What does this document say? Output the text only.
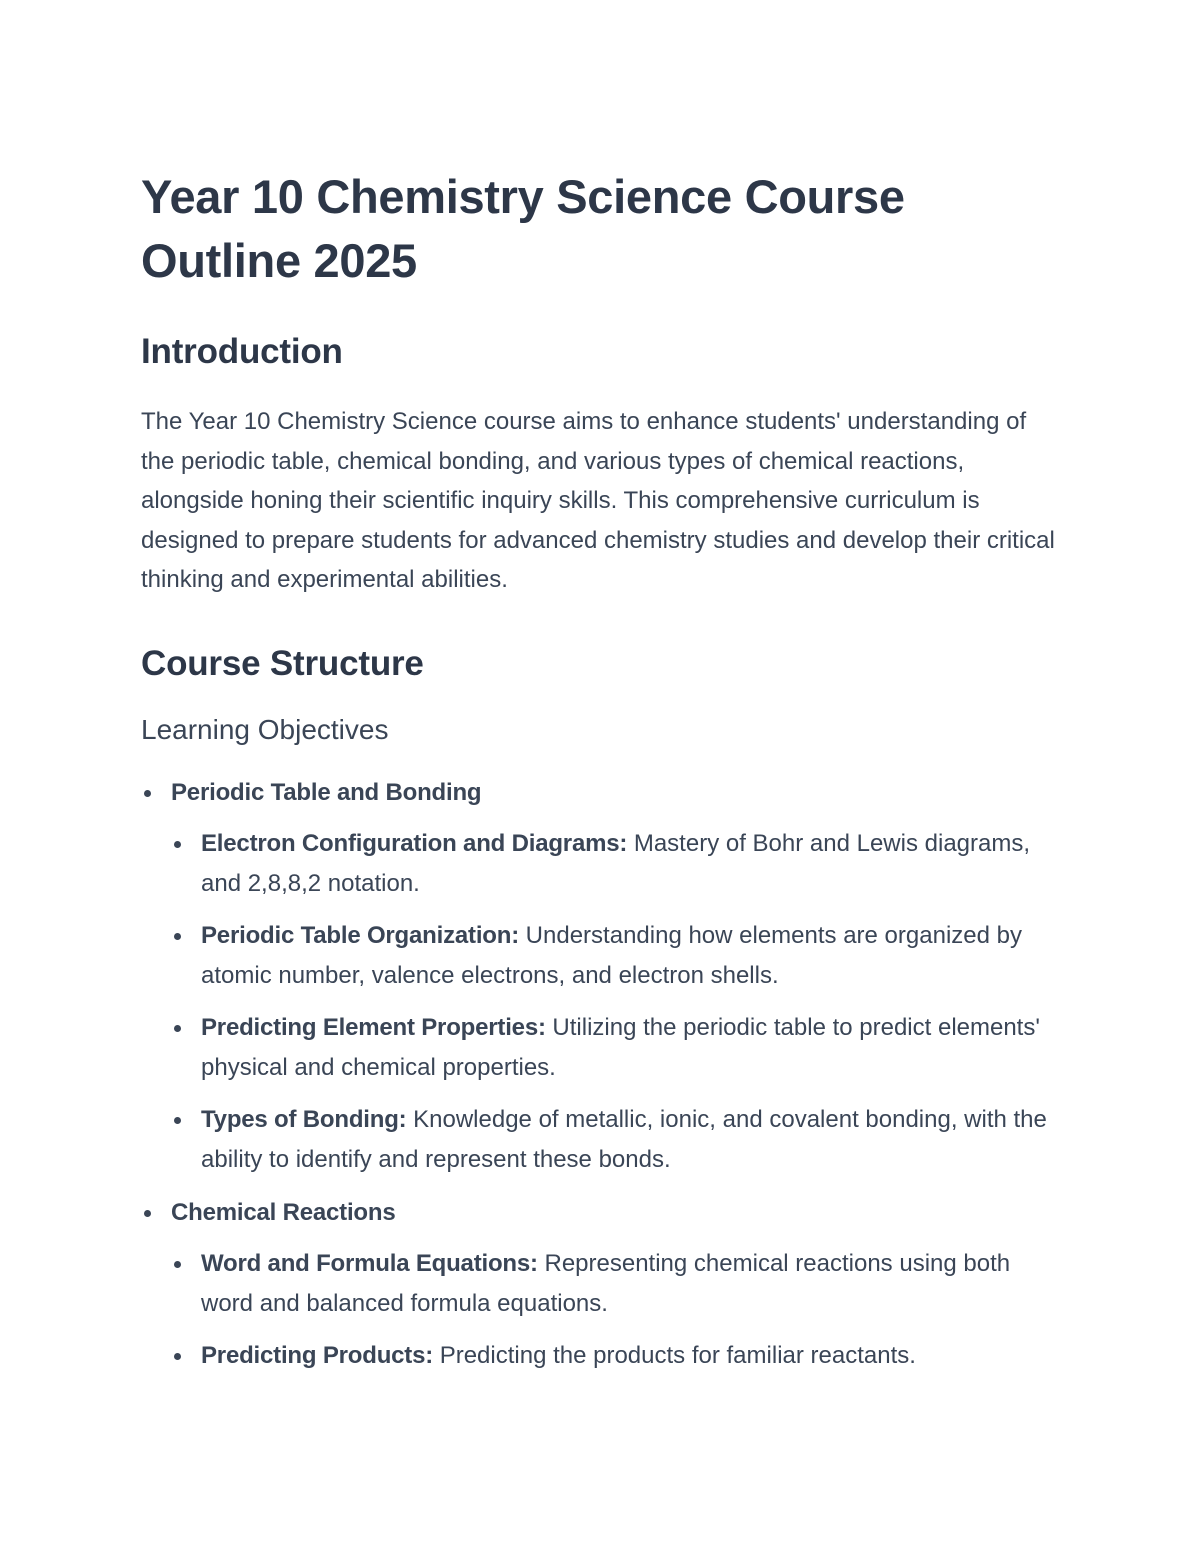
Year 10 Chemistry Science Course Outline 2025
Introduction

The Year 10 Chemistry Science course aims to enhance students' understanding of the periodic table, chemical bonding, and various types of chemical reactions, alongside honing their scientific inquiry skills. This comprehensive curriculum is designed to prepare students for advanced chemistry studies and develop their critical thinking and experimental abilities.

Course Structure
Learning Objectives
Periodic Table and Bonding
Electron Configuration and Diagrams: Mastery of Bohr and Lewis diagrams, and 2,8,8,2 notation.
Periodic Table Organization: Understanding how elements are organized by atomic number, valence electrons, and electron shells.
Predicting Element Properties: Utilizing the periodic table to predict elements' physical and chemical properties.
Types of Bonding: Knowledge of metallic, ionic, and covalent bonding, with the ability to identify and represent these bonds.
Chemical Reactions
Word and Formula Equations: Representing chemical reactions using both word and balanced formula equations.
Predicting Products: Predicting the products for familiar reactants.
